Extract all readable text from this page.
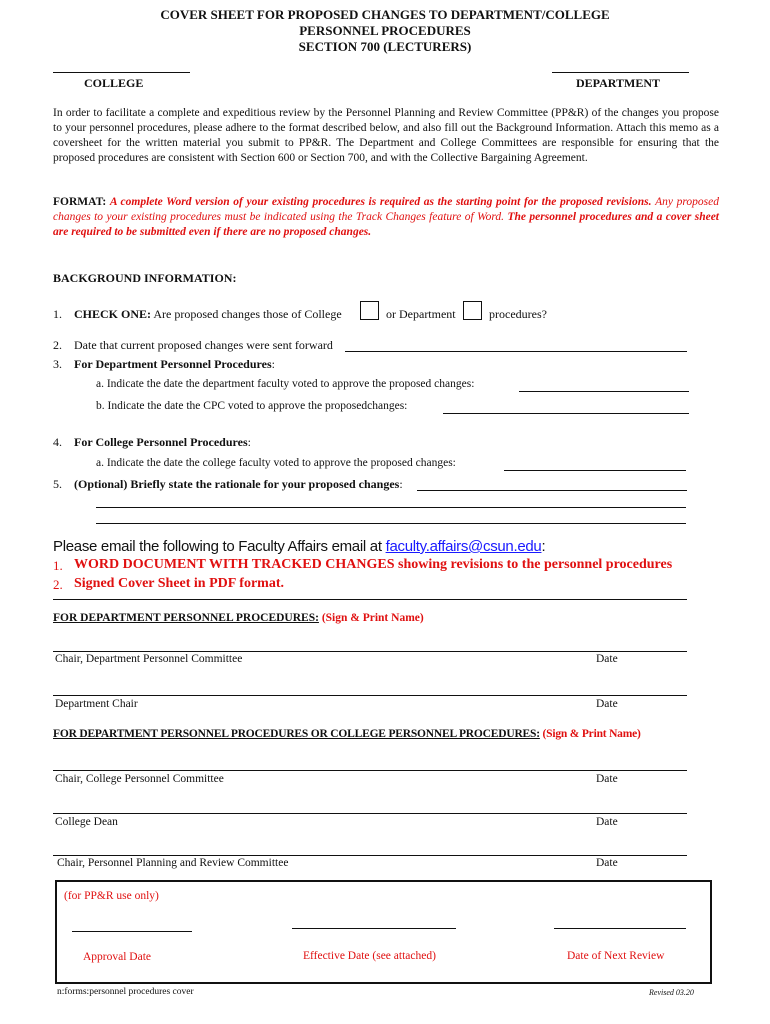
COVER SHEET FOR PROPOSED CHANGES TO DEPARTMENT/COLLEGE
PERSONNEL PROCEDURES
SECTION 700 (LECTURERS)
COLLEGE	DEPARTMENT
In order to facilitate a complete and expeditious review by the Personnel Planning and Review Committee (PP&R) of the changes you propose to your personnel procedures, please adhere to the format described below, and also fill out the Background Information. Attach this memo as a coversheet for the written material you submit to PP&R. The Department and College Committees are responsible for ensuring that the proposed procedures are consistent with Section 600 or Section 700, and with the Collective Bargaining Agreement.
FORMAT: A complete Word version of your existing procedures is required as the starting point for the proposed revisions. Any proposed changes to your existing procedures must be indicated using the Track Changes feature of Word. The personnel procedures and a cover sheet are required to be submitted even if there are no proposed changes.
BACKGROUND INFORMATION:
1. CHECK ONE: Are proposed changes those of College	or Department	procedures?
2. Date that current proposed changes were sent forward
3. For Department Personnel Procedures:
a. Indicate the date the department faculty voted to approve the proposed changes:
b. Indicate the date the CPC voted to approve the proposedchanges:
4. For College Personnel Procedures:
a. Indicate the date the college faculty voted to approve the proposed changes:
5. (Optional) Briefly state the rationale for your proposed changes:
Please email the following to Faculty Affairs email at faculty.affairs@csun.edu:
1. WORD DOCUMENT WITH TRACKED CHANGES showing revisions to the personnel procedures
2. Signed Cover Sheet in PDF format.
FOR DEPARTMENT PERSONNEL PROCEDURES: (Sign & Print Name)
Chair, Department Personnel Committee	Date
Department Chair	Date
FOR DEPARTMENT PERSONNEL PROCEDURES OR COLLEGE PERSONNEL PROCEDURES: (Sign & Print Name)
Chair, College Personnel Committee	Date
College Dean	Date
Chair, Personnel Planning and Review Committee	Date
(for PP&R use only)
Approval Date	Effective Date (see attached)	Date of Next Review
n:forms:personnel procedures cover	Revised 03.20
